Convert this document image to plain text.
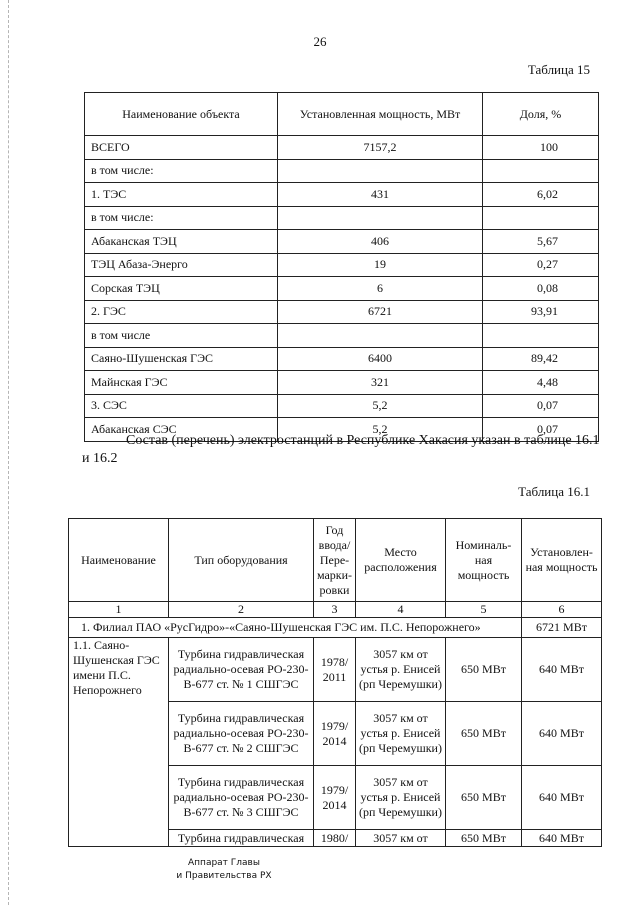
26
Таблица 15
Наименование объекта	Установленная мощность, МВт	Доля, %
ВСЕГО	7157,2	100
в том числе:		
1. ТЭС	431	6,02
в том числе:		
Абаканская ТЭЦ	406	5,67
ТЭЦ Абаза-Энерго	19	0,27
Сорская ТЭЦ	6	0,08
2. ГЭС	6721	93,91
в том числе		
Саяно-Шушенская ГЭС	6400	89,42
Майнская ГЭС	321	4,48
3. СЭС	5,2	0,07
Абаканская СЭС	5,2	0,07

Состав (перечень) электростанций в Республике Хакасия указан в таблице 16.1 и 16.2

Таблица 16.1
Наименование	Тип оборудования	Год ввода/ Пере- марки- ровки	Место расположения	Номиналь- ная мощность	Установлен- ная мощность
1	2	3	4	5	6
1. Филиал ПАО «РусГидро»-«Саяно-Шушенская ГЭС им. П.С. Непорожнего»					6721 МВт
1.1. Саяно-Шушенская ГЭС имени П.С. Непорожнего	Турбина гидравлическая радиально-осевая РО-230-В-677 ст. № 1 СШГЭС	1978/ 2011	3057 км от устья р. Енисей (рп Черемушки)	650 МВт	640 МВт
	Турбина гидравлическая радиально-осевая РО-230-В-677 ст. № 2 СШГЭС	1979/ 2014	3057 км от устья р. Енисей (рп Черемушки)	650 МВт	640 МВт
	Турбина гидравлическая радиально-осевая РО-230-В-677 ст. № 3 СШГЭС	1979/ 2014	3057 км от устья р. Енисей (рп Черемушки)	650 МВт	640 МВт
	Турбина гидравлическая	1980/	3057 км от	650 МВт	640 МВт
Аппарат Главы
и Правительства РХ
